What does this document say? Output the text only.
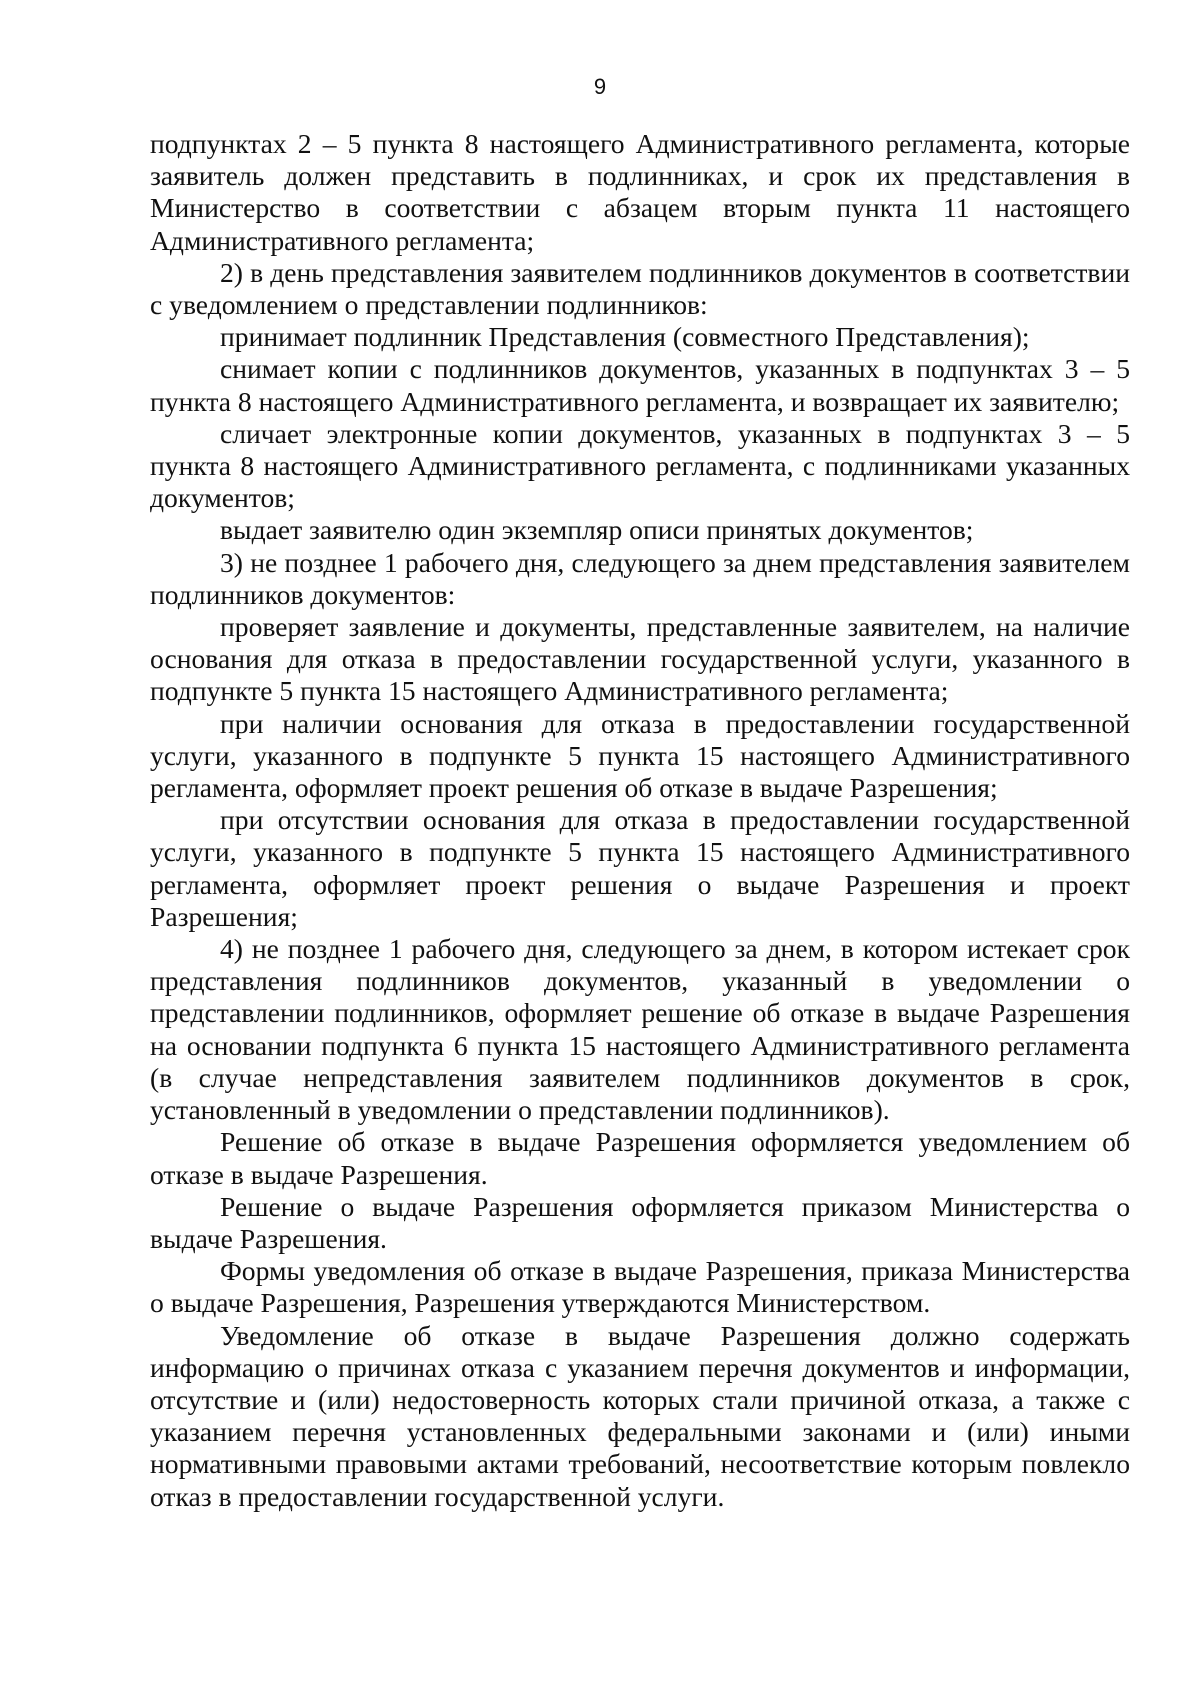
9

подпунктах 2 – 5 пункта 8 настоящего Административного регламента, которые заявитель должен представить в подлинниках, и срок их представления в Министерство в соответствии с абзацем вторым пункта 11 настоящего Административного регламента;

2) в день представления заявителем подлинников документов в соответствии с уведомлением о представлении подлинников:

принимает подлинник Представления (совместного Представления);

снимает копии с подлинников документов, указанных в подпунктах 3 – 5 пункта 8 настоящего Административного регламента, и возвращает их заявителю;

сличает электронные копии документов, указанных в подпунктах 3 – 5 пункта 8 настоящего Административного регламента, с подлинниками указанных документов;

выдает заявителю один экземпляр описи принятых документов;

3) не позднее 1 рабочего дня, следующего за днем представления заявителем подлинников документов:

проверяет заявление и документы, представленные заявителем, на наличие основания для отказа в предоставлении государственной услуги, указанного в подпункте 5 пункта 15 настоящего Административного регламента;

при наличии основания для отказа в предоставлении государственной услуги, указанного в подпункте 5 пункта 15 настоящего Административного регламента, оформляет проект решения об отказе в выдаче Разрешения;

при отсутствии основания для отказа в предоставлении государственной услуги, указанного в подпункте 5 пункта 15 настоящего Административного регламента, оформляет проект решения о выдаче Разрешения и проект Разрешения;

4) не позднее 1 рабочего дня, следующего за днем, в котором истекает срок представления подлинников документов, указанный в уведомлении о представлении подлинников, оформляет решение об отказе в выдаче Разрешения на основании подпункта 6 пункта 15 настоящего Административного регламента (в случае непредставления заявителем подлинников документов в срок, установленный в уведомлении о представлении подлинников).

Решение об отказе в выдаче Разрешения оформляется уведомлением об отказе в выдаче Разрешения.

Решение о выдаче Разрешения оформляется приказом Министерства о выдаче Разрешения.

Формы уведомления об отказе в выдаче Разрешения, приказа Министерства о выдаче Разрешения, Разрешения утверждаются Министерством.

Уведомление об отказе в выдаче Разрешения должно содержать информацию о причинах отказа с указанием перечня документов и информации, отсутствие и (или) недостоверность которых стали причиной отказа, а также с указанием перечня установленных федеральными законами и (или) иными нормативными правовыми актами требований, несоответствие которым повлекло отказ в предоставлении государственной услуги.
